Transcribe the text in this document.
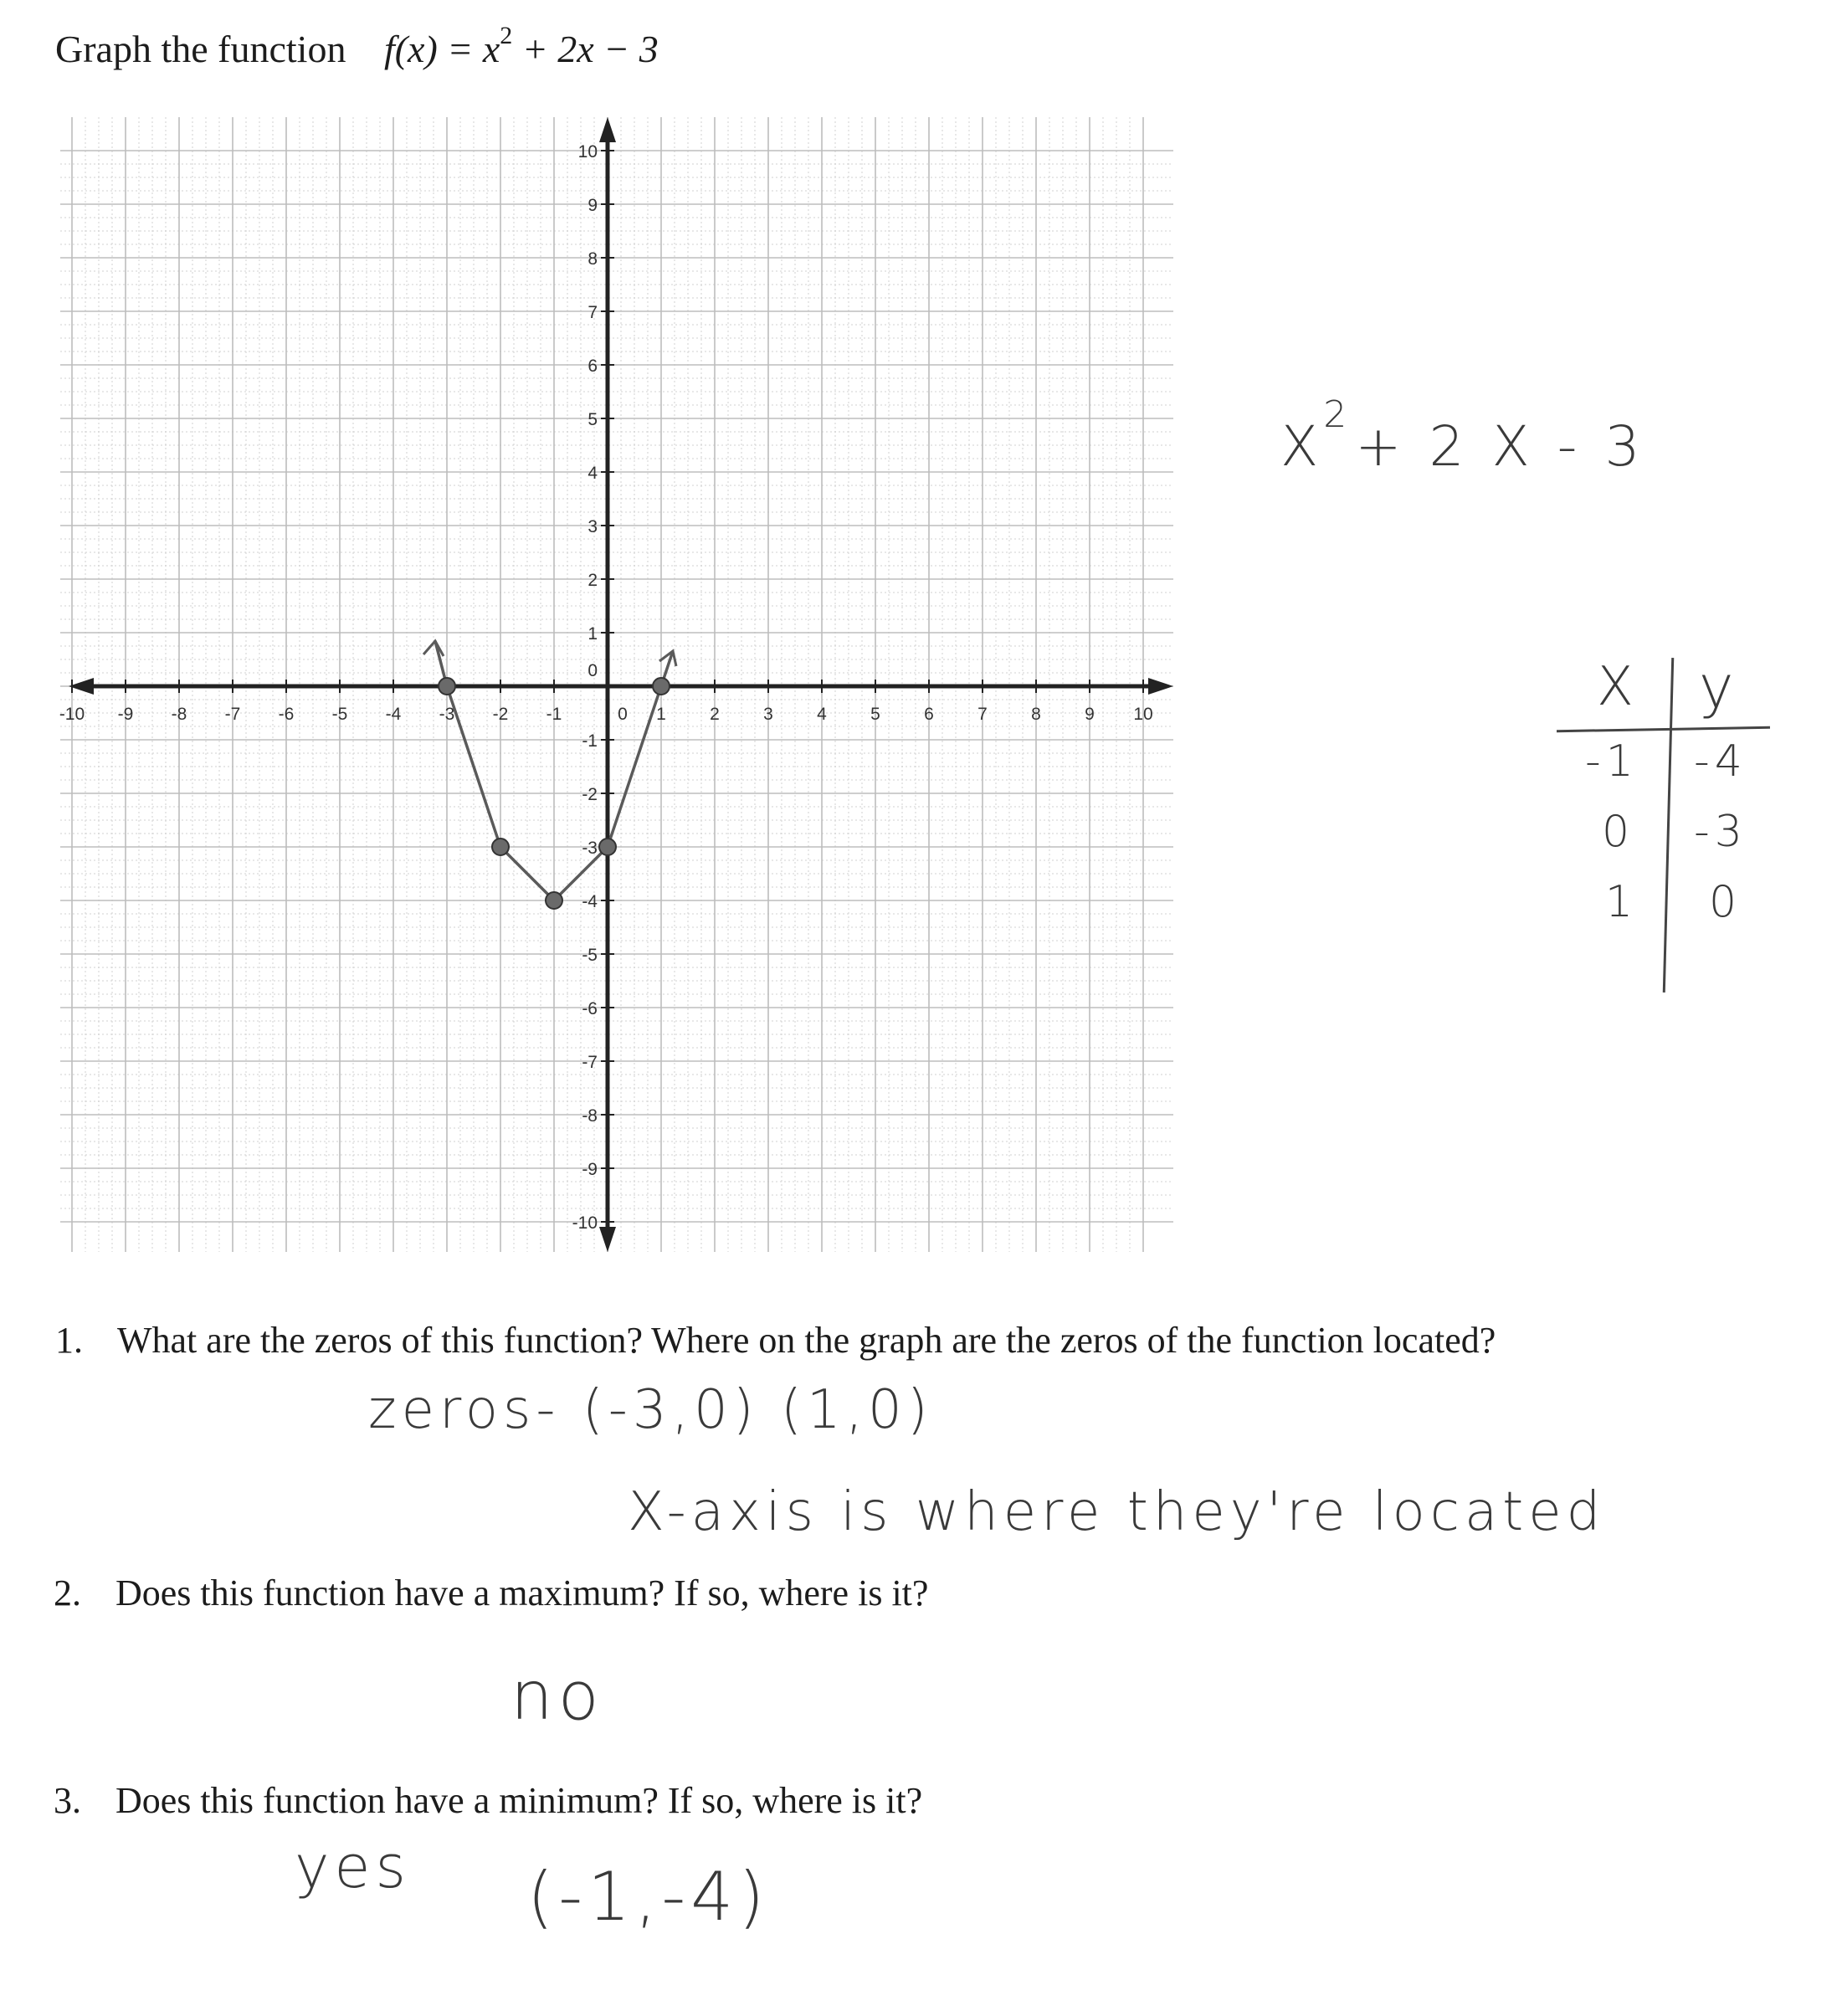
Graph the function $f(x) = x^2 + 2x - 3$
-10 -9 -8 -7 -6 -5 -4 -3 -2 -1	0 1 2 3 4 5 6 7 8 9 10
10
9
8
7
6
5
4
3
2
1
0
-1
-2
-3
-4
-5
-6
-7
-8
-9
-10
$X^2 + 2$ X - 3
X y
-1 -4
0 -3
1 0
1. What are the zeros of this function? Where on the graph are the zeros of the function located?
zeros- (-3,0) (1,0)
X-axis is where they're located
2. Does this function have a maximum? If so, where is it?
no
3. Does this function have a minimum? If so, where is it?
yes (-1,-4)
